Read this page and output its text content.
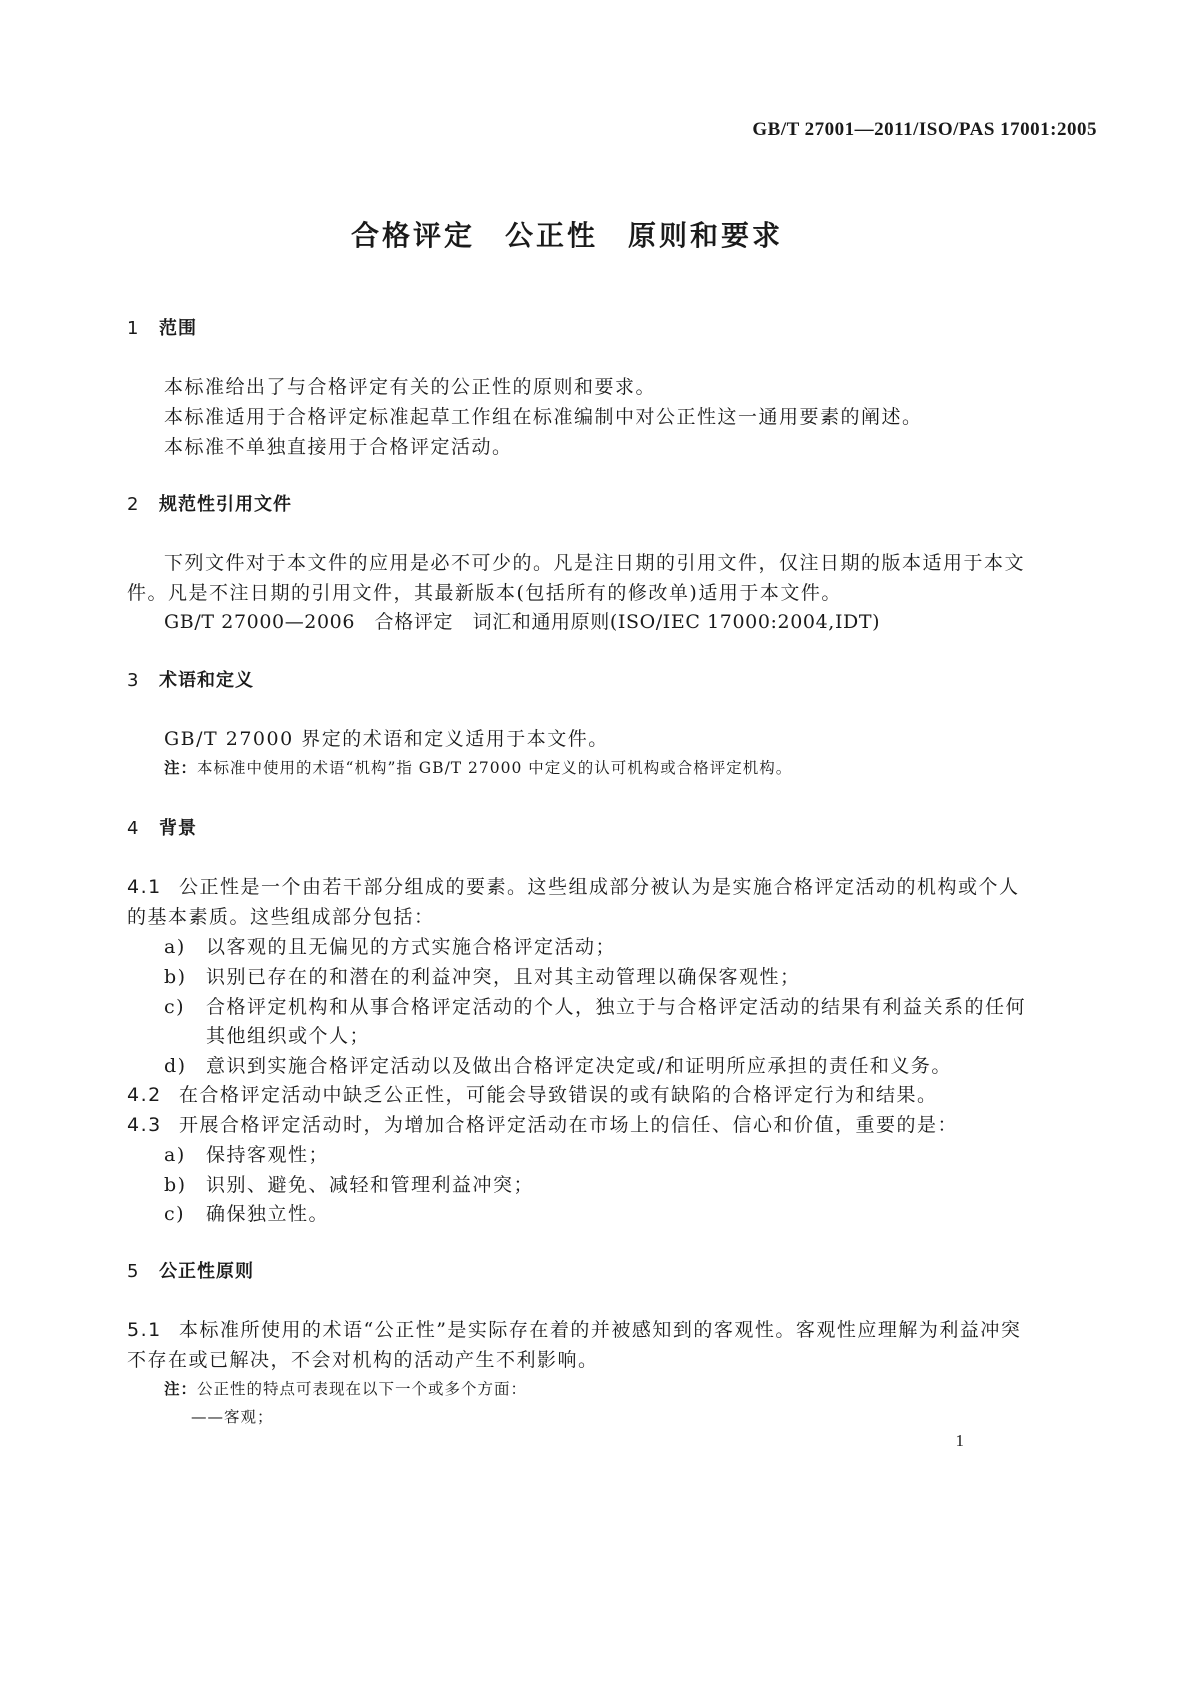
GB/T 27001—2011/ISO/PAS 17001:2005
合格评定 公正性 原则和要求
1 范围
本标准给出了与合格评定有关的公正性的原则和要求。
本标准适用于合格评定标准起草工作组在标准编制中对公正性这一通用要素的阐述。
本标准不单独直接用于合格评定活动。
2 规范性引用文件
下列文件对于本文件的应用是必不可少的。凡是注日期的引用文件，仅注日期的版本适用于本文
件。凡是不注日期的引用文件，其最新版本(包括所有的修改单)适用于本文件。
GB/T 27000—2006　合格评定　词汇和通用原则(ISO/IEC 17000:2004,IDT)
3 术语和定义
GB/T 27000 界定的术语和定义适用于本文件。
注：本标准中使用的术语“机构”指 GB/T 27000 中定义的认可机构或合格评定机构。
4 背景
4.1 公正性是一个由若干部分组成的要素。这些组成部分被认为是实施合格评定活动的机构或个人
的基本素质。这些组成部分包括：
a) 以客观的且无偏见的方式实施合格评定活动；
b) 识别已存在的和潜在的利益冲突，且对其主动管理以确保客观性；
c) 合格评定机构和从事合格评定活动的个人，独立于与合格评定活动的结果有利益关系的任何
其他组织或个人；
d) 意识到实施合格评定活动以及做出合格评定决定或/和证明所应承担的责任和义务。
4.2 在合格评定活动中缺乏公正性，可能会导致错误的或有缺陷的合格评定行为和结果。
4.3 开展合格评定活动时，为增加合格评定活动在市场上的信任、信心和价值，重要的是：
a) 保持客观性；
b) 识别、避免、减轻和管理利益冲突；
c) 确保独立性。
5 公正性原则
5.1 本标准所使用的术语“公正性”是实际存在着的并被感知到的客观性。客观性应理解为利益冲突
不存在或已解决，不会对机构的活动产生不利影响。
注：公正性的特点可表现在以下一个或多个方面：
——客观；
1
